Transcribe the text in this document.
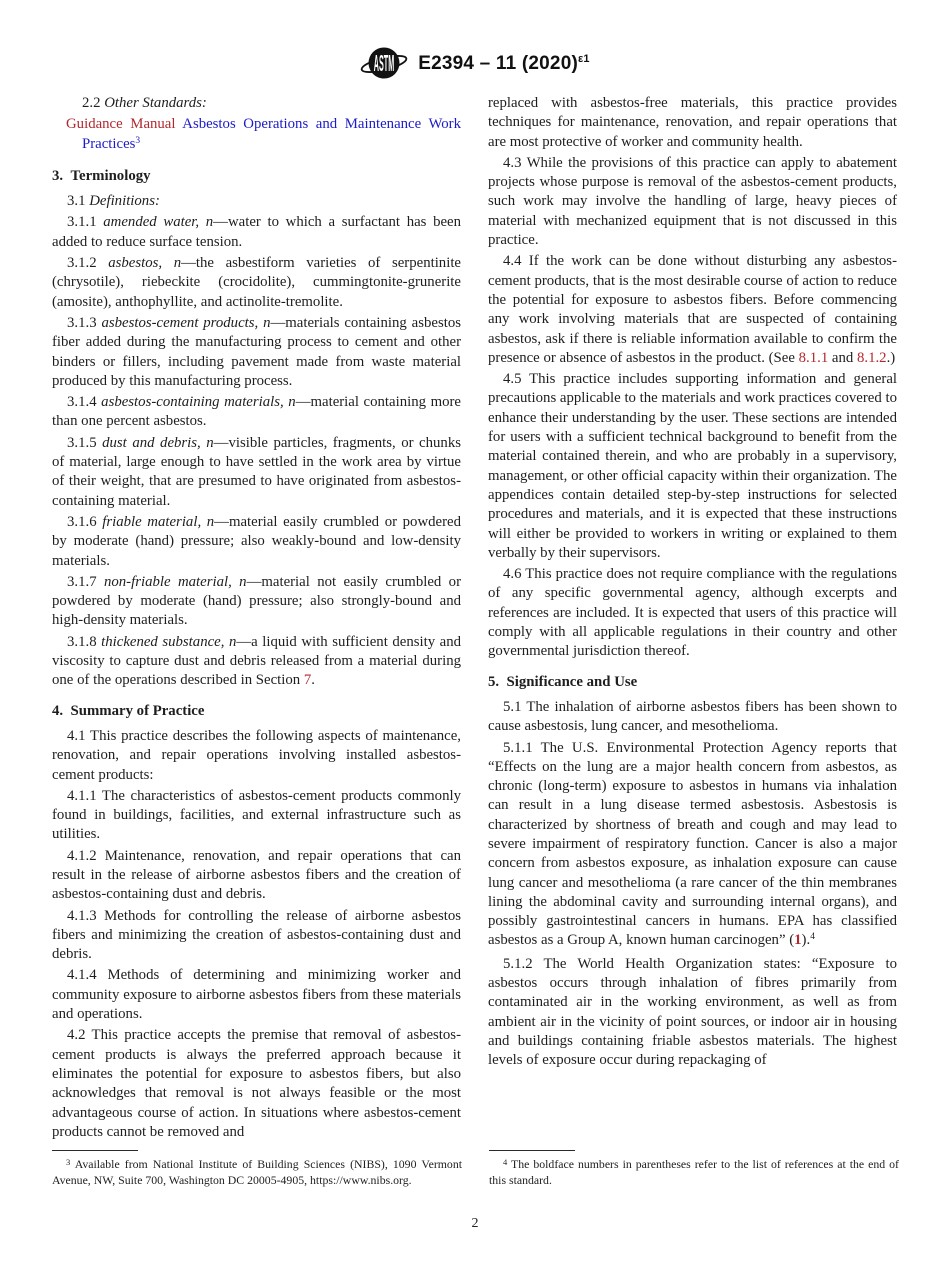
ASTM E2394 – 11 $(2020)^{\varepsilon 1}$
2.2 Other Standards:
Guidance Manual Asbestos Operations and Maintenance Work Practices$^3$
3.  Terminology
3.1 Definitions:
3.1.1 amended water, n—water to which a surfactant has been added to reduce surface tension.
3.1.2 asbestos, n—the asbestiform varieties of serpentinite (chrysotile), riebeckite (crocidolite), cummingtonite-grunerite (amosite), anthophyllite, and actinolite-tremolite.
3.1.3 asbestos-cement products, n—materials containing asbestos fiber added during the manufacturing process to cement and other binders or fillers, including pavement made from waste material produced by this manufacturing process.
3.1.4 asbestos-containing materials, n—material containing more than one percent asbestos.
3.1.5 dust and debris, n—visible particles, fragments, or chunks of material, large enough to have settled in the work area by virtue of their weight, that are presumed to have originated from asbestos-containing material.
3.1.6 friable material, n—material easily crumbled or powdered by moderate (hand) pressure; also weakly-bound and low-density materials.
3.1.7 non-friable material, n—material not easily crumbled or powdered by moderate (hand) pressure; also strongly-bound and high-density materials.
3.1.8 thickened substance, n—a liquid with sufficient density and viscosity to capture dust and debris released from a material during one of the operations described in Section 7.
4.  Summary of Practice
4.1 This practice describes the following aspects of maintenance, renovation, and repair operations involving installed asbestos-cement products:
4.1.1 The characteristics of asbestos-cement products commonly found in buildings, facilities, and external infrastructure such as utilities.
4.1.2 Maintenance, renovation, and repair operations that can result in the release of airborne asbestos fibers and the creation of asbestos-containing dust and debris.
4.1.3 Methods for controlling the release of airborne asbestos fibers and minimizing the creation of asbestos-containing dust and debris.
4.1.4 Methods of determining and minimizing worker and community exposure to airborne asbestos fibers from these materials and operations.
4.2 This practice accepts the premise that removal of asbestos-cement products is always the preferred approach because it eliminates the potential for exposure to asbestos fibers, but also acknowledges that removal is not always feasible or the most advantageous course of action. In situations where asbestos-cement products cannot be removed and
replaced with asbestos-free materials, this practice provides techniques for maintenance, renovation, and repair operations that are most protective of worker and community health.
4.3 While the provisions of this practice can apply to abatement projects whose purpose is removal of the asbestos-cement products, such work may involve the handling of large, heavy pieces of material with mechanized equipment that is not discussed in this practice.
4.4 If the work can be done without disturbing any asbestos-cement products, that is the most desirable course of action to reduce the potential for exposure to asbestos fibers. Before commencing any work involving materials that are suspected of containing asbestos, ask if there is reliable information available to confirm the presence or absence of asbestos in the product. (See 8.1.1 and 8.1.2.)
4.5 This practice includes supporting information and general precautions applicable to the materials and work practices covered to enhance their understanding by the user. These sections are intended for users with a sufficient technical background to benefit from the material contained therein, and who are probably in a supervisory, management, or other official capacity within their organization. The appendices contain detailed step-by-step instructions for selected procedures and materials, and it is expected that these instructions will either be provided to workers in writing or explained to them verbally by their supervisors.
4.6 This practice does not require compliance with the regulations of any specific governmental agency, although excerpts and references are included. It is expected that users of this practice will comply with all applicable regulations in their country and other governmental jurisdiction thereof.
5.  Significance and Use
5.1 The inhalation of airborne asbestos fibers has been shown to cause asbestosis, lung cancer, and mesothelioma.
5.1.1 The U.S. Environmental Protection Agency reports that “Effects on the lung are a major health concern from asbestos, as chronic (long-term) exposure to asbestos in humans via inhalation can result in a lung disease termed asbestosis. Asbestosis is characterized by shortness of breath and cough and may lead to severe impairment of respiratory function. Cancer is also a major concern from asbestos exposure, as inhalation exposure can cause lung cancer and mesothelioma (a rare cancer of the thin membranes lining the abdominal cavity and surrounding internal organs), and possibly gastrointestinal cancers in humans. EPA has classified asbestos as a Group A, known human carcinogen” (1).$^4$
5.1.2 The World Health Organization states: “Exposure to asbestos occurs through inhalation of fibres primarily from contaminated air in the working environment, as well as from ambient air in the vicinity of point sources, or indoor air in housing and buildings containing friable asbestos materials. The highest levels of exposure occur during repackaging of
$^3$ Available from National Institute of Building Sciences (NIBS), 1090 Vermont Avenue, NW, Suite 700, Washington DC 20005-4905, https://www.nibs.org.
$^4$ The boldface numbers in parentheses refer to the list of references at the end of this standard.
2
